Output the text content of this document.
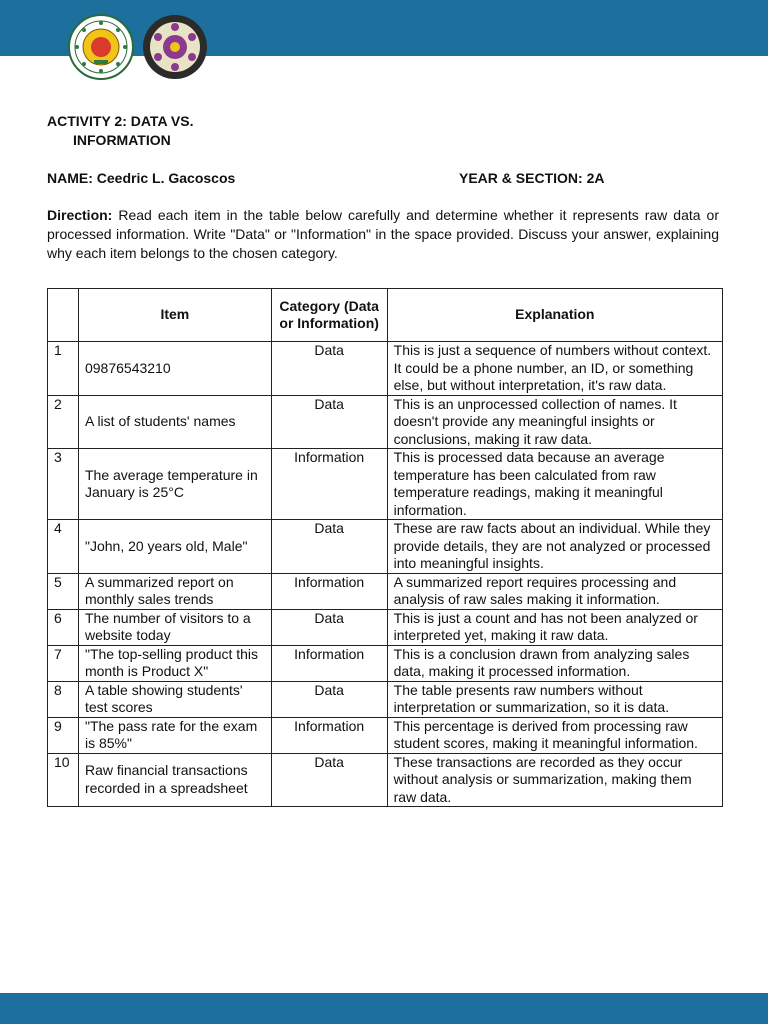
ACTIVITY 2: DATA VS.
INFORMATION
NAME: Ceedric L. Gacoscos	YEAR & SECTION: 2A
Direction: Read each item in the table below carefully and determine whether it represents raw data or processed information. Write "Data" or "Information" in the space provided. Discuss your answer, explaining why each item belongs to the chosen category.
	Item	Category (Data or Information)	Explanation
1	09876543210	Data	This is just a sequence of numbers without context. It could be a phone number, an ID, or something else, but without interpretation, it's raw data.
2	A list of students' names	Data	This is an unprocessed collection of names. It doesn't provide any meaningful insights or conclusions, making it raw data.
3	The average temperature in January is 25°C	Information	This is processed data because an average temperature has been calculated from raw temperature readings, making it meaningful information.
4	"John, 20 years old, Male"	Data	These are raw facts about an individual. While they provide details, they are not analyzed or processed into meaningful insights.
5	A summarized report on monthly sales trends	Information	A summarized report requires processing and analysis of raw sales making it information.
6	The number of visitors to a website today	Data	This is just a count and has not been analyzed or interpreted yet, making it raw data.
7	"The top-selling product this month is Product X"	Information	This is a conclusion drawn from analyzing sales data, making it processed information.
8	A table showing students' test scores	Data	The table presents raw numbers without interpretation or summarization, so it is data.
9	"The pass rate for the exam is 85%"	Information	This percentage is derived from processing raw student scores, making it meaningful information.
10	Raw financial transactions recorded in a spreadsheet	Data	These transactions are recorded as they occur without analysis or summarization, making them raw data.
